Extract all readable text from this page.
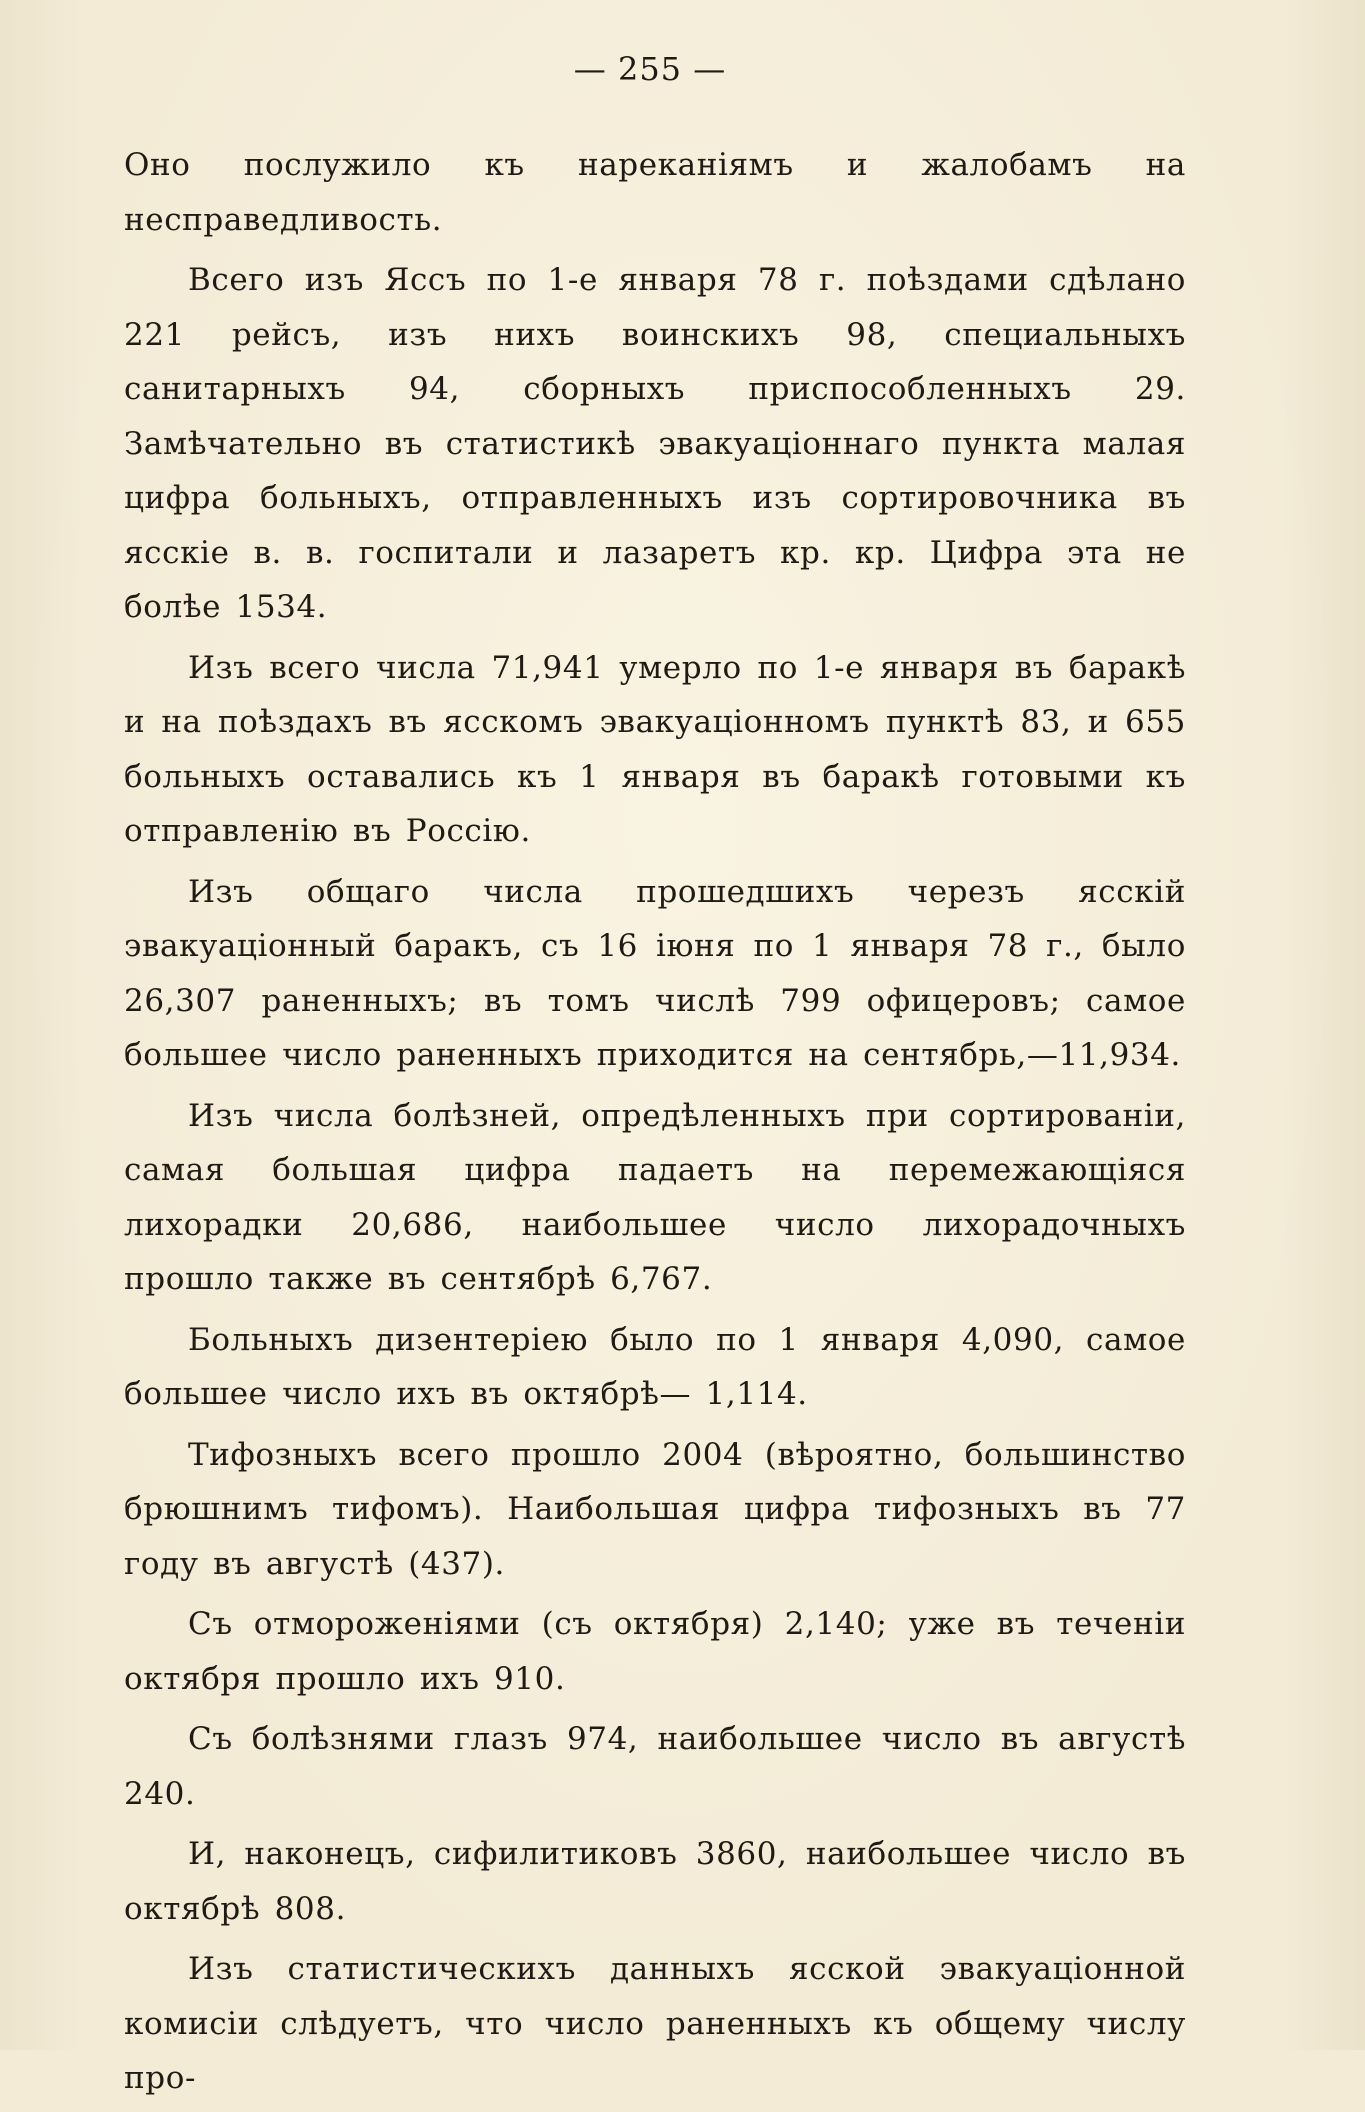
— 255 —

Оно послужило къ нареканіямъ и жалобамъ на несправедливость.

Всего изъ Яссъ по 1-е января 78 г. поѣздами сдѣлано 221 рейсъ, изъ нихъ воинскихъ 98, специальныхъ санитарныхъ 94, сборныхъ приспособленныхъ 29. Замѣчательно въ статистикѣ эвакуаціоннаго пункта малая цифра больныхъ, отправленныхъ изъ сортировочника въ ясскіе в. в. госпитали и лазаретъ кр. кр. Цифра эта не болѣе 1534.

Изъ всего числа 71,941 умерло по 1-е января въ баракѣ и на поѣздахъ въ ясскомъ эвакуаціонномъ пунктѣ 83, и 655 больныхъ оставались къ 1 января въ баракѣ готовыми къ отправленію въ Россію.

Изъ общаго числа прошедшихъ черезъ ясскій эвакуаціонный баракъ, съ 16 іюня по 1 января 78 г., было 26,307 раненныхъ; въ томъ числѣ 799 офицеровъ; самое большее число раненныхъ приходится на сентябрь,—11,934.

Изъ числа болѣзней, опредѣленныхъ при сортированіи, самая большая цифра падаетъ на перемежающіяся лихорадки 20,686, наибольшее число лихорадочныхъ прошло также въ сентябрѣ 6,767.

Больныхъ дизентеріею было по 1 января 4,090, самое большее число ихъ въ октябрѣ— 1,114.

Тифозныхъ всего прошло 2004 (вѣроятно, большинство брюшнимъ тифомъ). Наибольшая цифра тифозныхъ въ 77 году въ августѣ (437).

Съ отмороженіями (съ октября) 2,140; уже въ теченіи октября прошло ихъ 910.

Съ болѣзнями глазъ 974, наибольшее число въ августѣ 240.

И, наконецъ, сифилитиковъ 3860, наибольшее число въ октябрѣ 808.

Изъ статистическихъ данныхъ ясской эвакуаціонной комисіи слѣдуетъ, что число раненныхъ къ общему числу про-
